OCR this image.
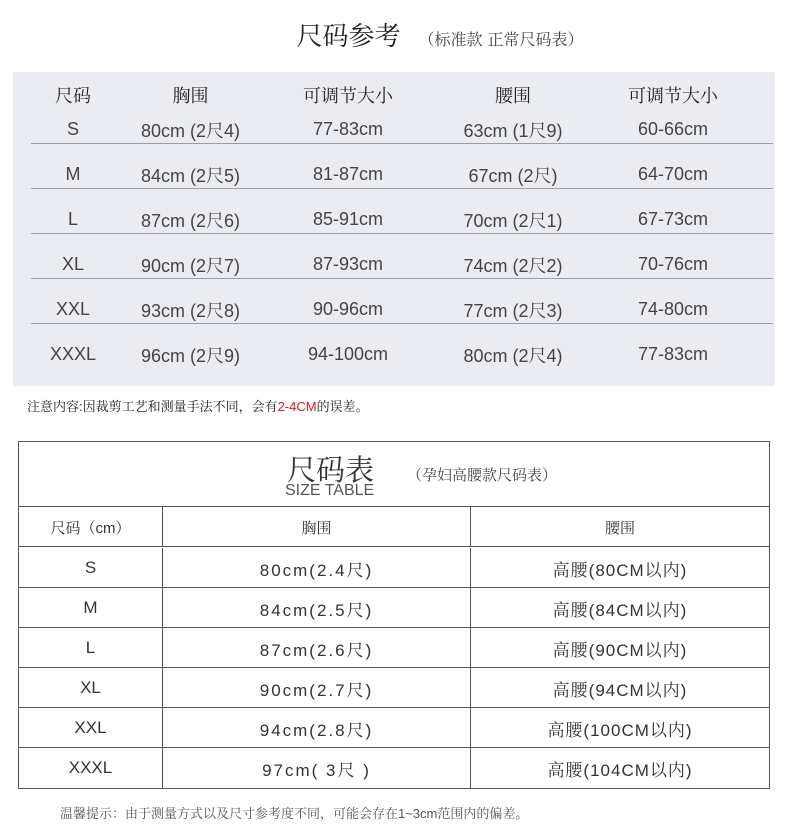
尺码参考 （标准款 正常尺码表）
尺码	胸围	可调节大小	腰围	可调节大小
S	80cm (2尺4)	77-83cm	63cm (1尺9)	60-66cm
M	84cm (2尺5)	81-87cm	67cm (2尺)	64-70cm
L	87cm (2尺6)	85-91cm	70cm (2尺1)	67-73cm
XL	90cm (2尺7)	87-93cm	74cm (2尺2)	70-76cm
XXL	93cm (2尺8)	90-96cm	77cm (2尺3)	74-80cm
XXXL	96cm (2尺9)	94-100cm	80cm (2尺4)	77-83cm
注意内容:因裁剪工艺和测量手法不同，会有2-4CM的误差。
尺码表 （孕妇高腰款尺码表）
SIZE TABLE
尺码（cm）	胸围	腰围
S	80cm(2.4尺)	高腰(80CM以内)
M	84cm(2.5尺)	高腰(84CM以内)
L	87cm(2.6尺)	高腰(90CM以内)
XL	90cm(2.7尺)	高腰(94CM以内)
XXL	94cm(2.8尺)	高腰(100CM以内)
XXXL	97cm( 3尺 )	高腰(104CM以内)
温馨提示：由于测量方式以及尺寸参考度不同，可能会存在1~3cm范围内的偏差。
